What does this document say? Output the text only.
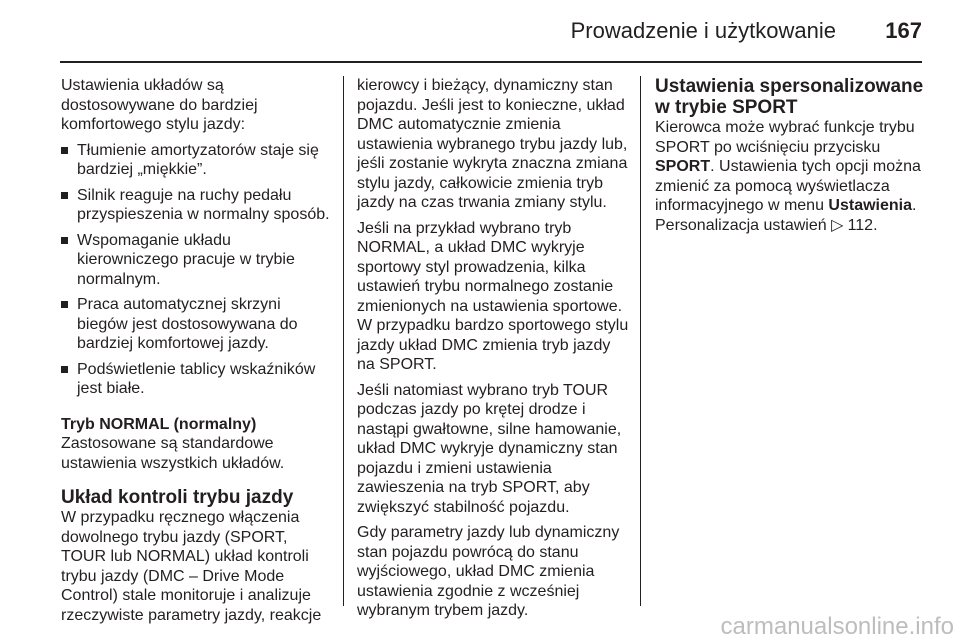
Prowadzenie i użytkowanie	167

Ustawienia układów są dostosowywane do bardziej komfortowego stylu jazdy:

Tłumienie amortyzatorów staje się bardziej „miękkie”.
Silnik reaguje na ruchy pedału przyspieszenia w normalny sposób.
Wspomaganie układu kierowniczego pracuje w trybie normalnym.
Praca automatycznej skrzyni biegów jest dostosowywana do bardziej komfortowej jazdy.
Podświetlenie tablicy wskaźników jest białe.
Tryb NORMAL (normalny)

Zastosowane są standardowe ustawienia wszystkich układów.

Układ kontroli trybu jazdy

W przypadku ręcznego włączenia dowolnego trybu jazdy (SPORT, TOUR lub NORMAL) układ kontroli trybu jazdy (DMC – Drive Mode Control) stale monitoruje i analizuje rzeczywiste parametry jazdy, reakcje

kierowcy i bieżący, dynamiczny stan pojazdu. Jeśli jest to konieczne, układ DMC automatycznie zmienia ustawienia wybranego trybu jazdy lub, jeśli zostanie wykryta znaczna zmiana stylu jazdy, całkowicie zmienia tryb jazdy na czas trwania zmiany stylu.

Jeśli na przykład wybrano tryb NORMAL, a układ DMC wykryje sportowy styl prowadzenia, kilka ustawień trybu normalnego zostanie zmienionych na ustawienia sportowe. W przypadku bardzo sportowego stylu jazdy układ DMC zmienia tryb jazdy na SPORT.

Jeśli natomiast wybrano tryb TOUR podczas jazdy po krętej drodze i nastąpi gwałtowne, silne hamowanie, układ DMC wykryje dynamiczny stan pojazdu i zmieni ustawienia zawieszenia na tryb SPORT, aby zwiększyć stabilność pojazdu.

Gdy parametry jazdy lub dynamiczny stan pojazdu powrócą do stanu wyjściowego, układ DMC zmienia ustawienia zgodnie z wcześniej wybranym trybem jazdy.

Ustawienia spersonalizowane w trybie SPORT

Kierowca może wybrać funkcje trybu SPORT po wciśnięciu przycisku SPORT. Ustawienia tych opcji można zmienić za pomocą wyświetlacza informacyjnego w menu Ustawienia. Personalizacja ustawień ▷ 112.

carmanualsonline.info
